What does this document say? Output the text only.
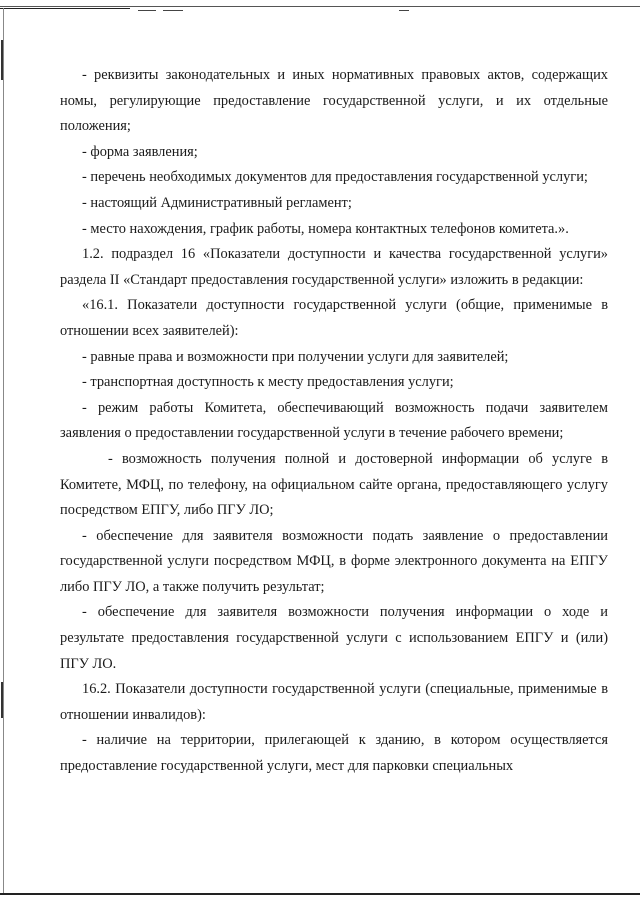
- реквизиты законодательных и иных нормативных правовых актов, содержащих номы, регулирующие предоставление государственной услуги, и их отдельные положения;

- форма заявления;

- перечень необходимых документов для предоставления государственной услуги;

- настоящий Административный регламент;

- место нахождения, график работы, номера контактных телефонов комитета.».

1.2. подраздел 16 «Показатели доступности и качества государственной услуги» раздела II «Стандарт предоставления государственной услуги» изложить в редакции:

«16.1. Показатели доступности государственной услуги (общие, применимые в отношении всех заявителей):

- равные права и возможности при получении услуги для заявителей;

- транспортная доступность к месту предоставления услуги;

- режим работы Комитета, обеспечивающий возможность подачи заявителем заявления о предоставлении государственной услуги в течение рабочего времени;

- возможность получения полной и достоверной информации об услуге в Комитете, МФЦ, по телефону, на официальном сайте органа, предоставляющего услугу посредством ЕПГУ, либо ПГУ ЛО;

- обеспечение для заявителя возможности подать заявление о предоставлении государственной услуги посредством МФЦ, в форме электронного документа на ЕПГУ либо ПГУ ЛО, а также получить результат;

- обеспечение для заявителя возможности получения информации о ходе и результате предоставления государственной услуги с использованием ЕПГУ и (или) ПГУ ЛО.

16.2. Показатели доступности государственной услуги (специальные, применимые в отношении инвалидов):

- наличие на территории, прилегающей к зданию, в котором осуществляется предоставление государственной услуги, мест для парковки специальных
